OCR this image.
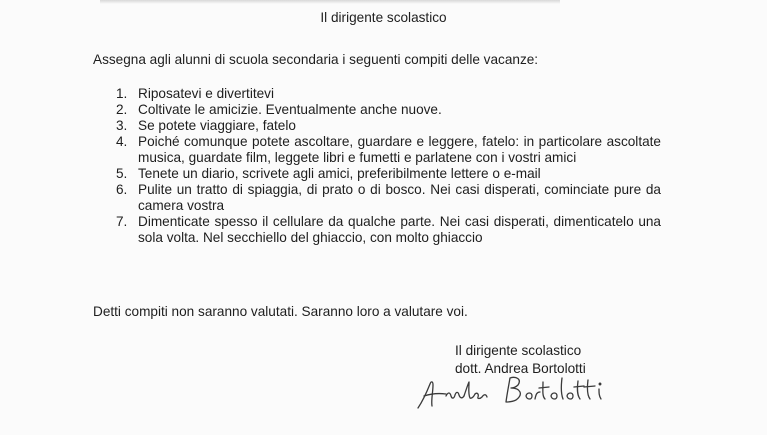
Il dirigente scolastico
Assegna agli alunni di scuola secondaria i seguenti compiti delle vacanze:
1. Riposatevi e divertitevi
2. Coltivate le amicizie. Eventualmente anche nuove.
3. Se potete viaggiare, fatelo
4. Poiché comunque potete ascoltare, guardare e leggere, fatelo: in particolare ascoltate musica, guardate film, leggete libri e fumetti e parlatene con i vostri amici
5. Tenete un diario, scrivete agli amici, preferibilmente lettere o e-mail
6. Pulite un tratto di spiaggia, di prato o di bosco. Nei casi disperati, cominciate pure da camera vostra
7. Dimenticate spesso il cellulare da qualche parte. Nei casi disperati, dimenticatelo una sola volta. Nel secchiello del ghiaccio, con molto ghiaccio
Detti compiti non saranno valutati. Saranno loro a valutare voi.
Il dirigente scolastico
dott. Andrea Bortolotti
